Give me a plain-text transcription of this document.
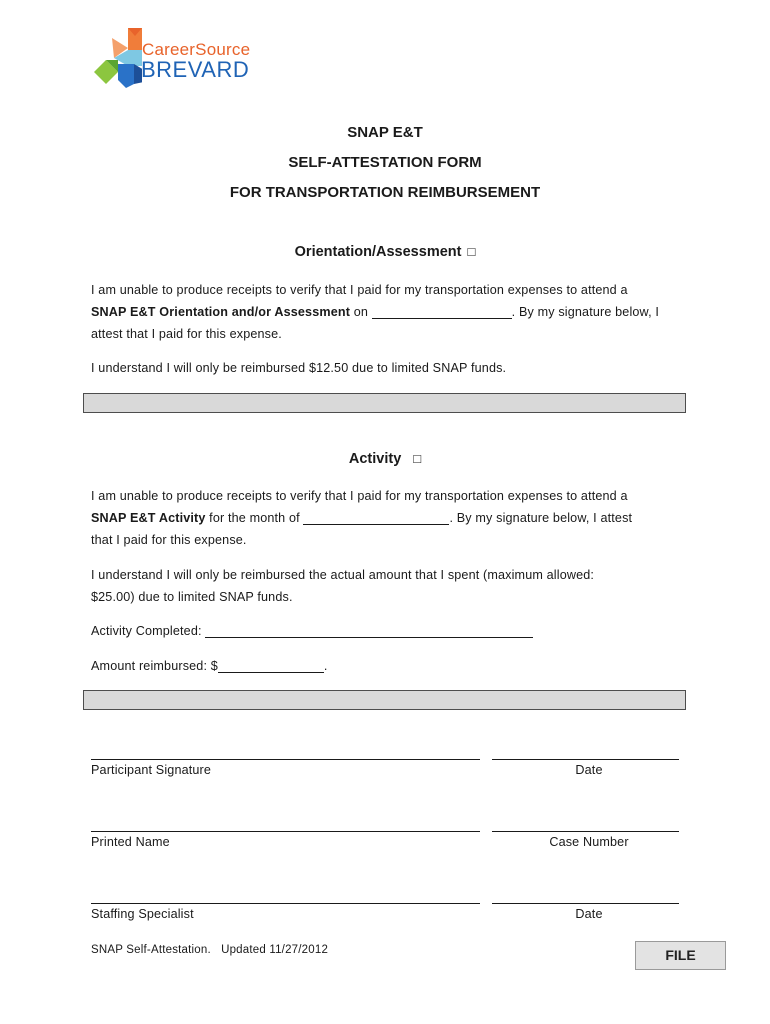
CareerSource
BREVARD
SNAP E&T
SELF-ATTESTATION FORM
FOR TRANSPORTATION REIMBURSEMENT
Orientation/Assessment □
I am unable to produce receipts to verify that I paid for my transportation expenses to attend a
SNAP E&T Orientation and/or Assessment on	. By my signature below, I
attest that I paid for this expense.
I understand I will only be reimbursed $12.50 due to limited SNAP funds.
Activity □
I am unable to produce receipts to verify that I paid for my transportation expenses to attend a
SNAP E&T Activity for the month of	. By my signature below, I attest
that I paid for this expense.
I understand I will only be reimbursed the actual amount that I spent (maximum allowed:
$25.00) due to limited SNAP funds.
Activity Completed:
Amount reimbursed: $	.
Participant Signature	Date
Printed Name	Case Number
Staffing Specialist	Date
SNAP Self-Attestation.   Updated 11/27/2012	FILE
